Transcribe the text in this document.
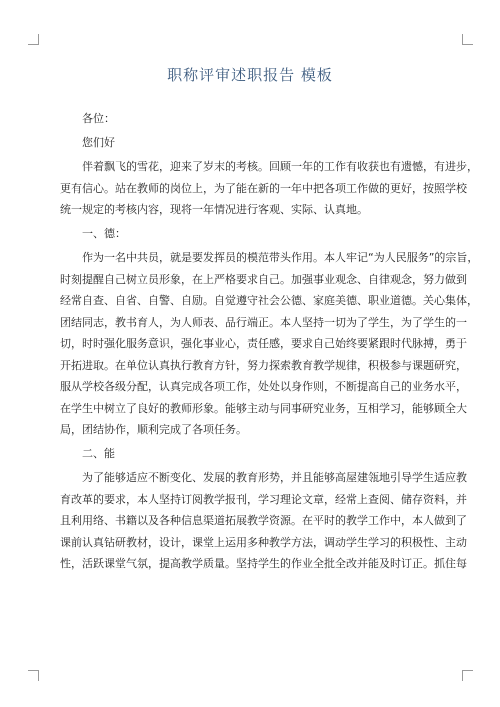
职称评审述职报告 模板
各位：
您们好
伴着飘飞的雪花，迎来了岁末的考核。回顾一年的工作有收获也有遗憾，有进步，
更有信心。站在教师的岗位上，为了能在新的一年中把各项工作做的更好，按照学校
统一规定的考核内容，现将一年情况进行客观、实际、认真地。
一、德：
作为一名中共员，就是要发挥员的模范带头作用。本人牢记“为人民服务”的宗旨，
时刻提醒自己树立员形象，在上严格要求自己。加强事业观念、自律观念，努力做到
经常自查、自省、自警、自励。自觉遵守社会公德、家庭美德、职业道德。关心集体，
团结同志，教书育人，为人师表、品行端正。本人坚持一切为了学生，为了学生的一
切，时时强化服务意识，强化事业心，责任感，要求自己始终要紧跟时代脉搏，勇于
开拓进取。在单位认真执行教育方针，努力探索教育教学规律，积极参与课题研究，
服从学校各级分配，认真完成各项工作，处处以身作则，不断提高自己的业务水平，
在学生中树立了良好的教师形象。能够主动与同事研究业务，互相学习，能够顾全大
局，团结协作，顺利完成了各项任务。
二、能
为了能够适应不断变化、发展的教育形势，并且能够高屋建瓴地引导学生适应教
育改革的要求，本人坚持订阅教学报刊，学习理论文章，经常上查阅、储存资料，并
且利用络、书籍以及各种信息渠道拓展教学资源。在平时的教学工作中，本人做到了
课前认真钻研教材，设计，课堂上运用多种教学方法，调动学生学习的积极性、主动
性，活跃课堂气氛，提高教学质量。坚持学生的作业全批全改并能及时订正。抓住每
